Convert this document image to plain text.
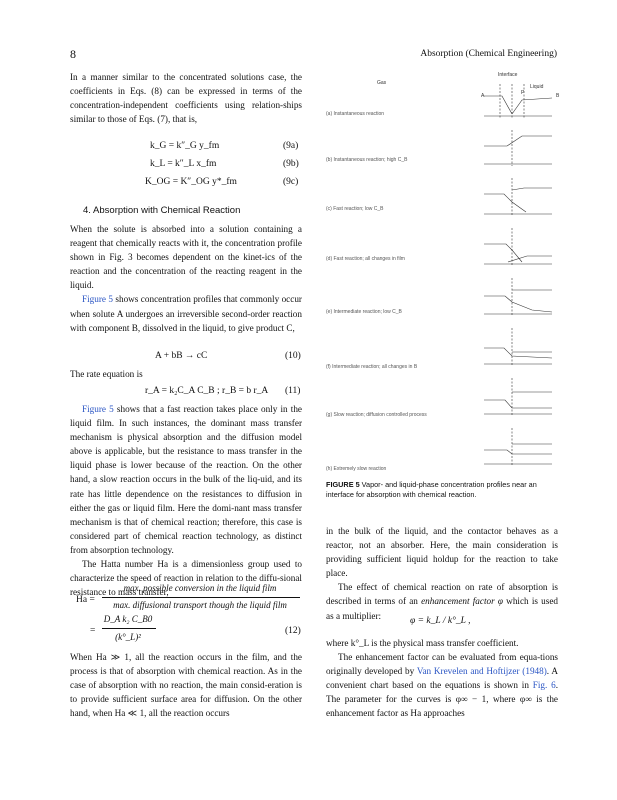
8	Absorption (Chemical Engineering)

In a manner similar to the concentrated solutions case, the coefficients in Eqs. (8) can be expressed in terms of the concentration-independent coefficients using relation-ships similar to those of Eqs. (7), that is,

k_G = k″_G y_fm	(9a)
k_L = k″_L x_fm	(9b)
K_OG = K″_OG y*_fm	(9c)
4. Absorption with Chemical Reaction

When the solute is absorbed into a solution containing a reagent that chemically reacts with it, the concentration profile shown in Fig. 3 becomes dependent on the kinet-ics of the reaction and the concentration of the reacting reagent in the liquid.

Figure 5 shows concentration profiles that commonly occur when solute A undergoes an irreversible second-order reaction with component B, dissolved in the liquid, to give product C,

A + bB → cC	(10)

The rate equation is

r_A = k₂C_A C_B ; r_B = b r_A (11)

Figure 5 shows that a fast reaction takes place only in the liquid film. In such instances, the dominant mass transfer mechanism is physical absorption and the diffusion model above is applicable, but the resistance to mass transfer in the liquid phase is lower because of the reaction. On the other hand, a slow reaction occurs in the bulk of the liq-uid, and its rate has little dependence on the resistances to diffusion in either the gas or liquid film. Here the domi-nant mass transfer mechanism is that of chemical reaction; therefore, this case is considered part of chemical reaction technology, as distinct from absorption technology.

The Hatta number Ha is a dimensionless group used to characterize the speed of reaction in relation to the diffu-sional resistance to mass transfer,

Ha =
max. possible conversion in the liquid film
max. diffusional transport though the liquid film
=
D_A k₂ C_B0
(k°_L)²
(12)

When Ha ≫ 1, all the reaction occurs in the film, and the process is that of absorption with chemical reaction. As in the case of absorption with no reaction, the main consid-eration is to provide sufficient surface area for diffusion. On the other hand, when Ha ≪ 1, all the reaction occurs

Gas
Interface
Liquid
A	B
P
(a) Instantaneous reaction
(b) Instantaneous reaction; high C_B
(c) Fast reaction; low C_B
(d) Fast reaction; all changes in film
(e) Intermediate reaction; low C_B
(f) Intermediate reaction; all changes in B
(g) Slow reaction; diffusion controlled process
(h) Extremely slow reaction
FIGURE 5 Vapor- and liquid-phase concentration profiles near an interface for absorption with chemical reaction.

in the bulk of the liquid, and the contactor behaves as a reactor, not an absorber. Here, the main consideration is providing sufficient liquid holdup for the reaction to take place.

The effect of chemical reaction on rate of absorption is described in terms of an enhancement factor φ which is used as a multiplier:

φ = k_L / k°_L ,

where k°_L is the physical mass transfer coefficient.

The enhancement factor can be evaluated from equa-tions originally developed by Van Krevelen and Hoftijzer (1948). A convenient chart based on the equations is shown in Fig. 6. The parameter for the curves is φ∞ − 1, where φ∞ is the enhancement factor as Ha approaches
